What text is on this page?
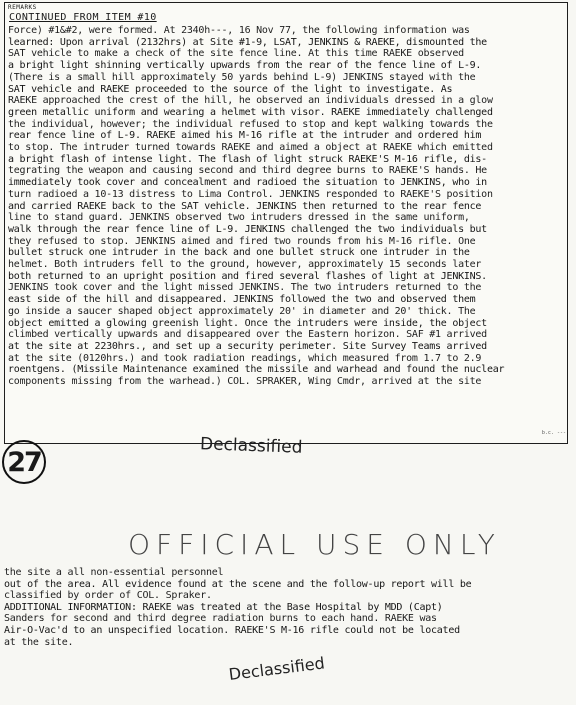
REMARKS
CONTINUED FROM ITEM #10
Force) #1&#2, were formed. At 2340h---, 16 Nov 77, the following information was
learned: Upon arrival (2132hrs) at Site #1-9, LSAT, JENKINS & RAEKE, dismounted the
SAT vehicle to make a check of the site fence line. At this time RAEKE observed
a bright light shinning vertically upwards from the rear of the fence line of L-9.
(There is a small hill approximately 50 yards behind L-9) JENKINS stayed with the
SAT vehicle and RAEKE proceeded to the source of the light to investigate. As
RAEKE approached the crest of the hill, he observed an individuals dressed in a glow
green metallic uniform and wearing a helmet with visor. RAEKE immediately challenged
the individual, however; the individual refused to stop and kept walking towards the
rear fence line of L-9. RAEKE aimed his M-16 rifle at the intruder and ordered him
to stop. The intruder turned towards RAEKE and aimed a object at RAEKE which emitted
a bright flash of intense light. The flash of light struck RAEKE'S M-16 rifle, dis-
tegrating the weapon and causing second and third degree burns to RAEKE'S hands. He
immediately took cover and concealment and radioed the situation to JENKINS, who in
turn radioed a 10-13 distress to Lima Control. JENKINS responded to RAEKE'S position
and carried RAEKE back to the SAT vehicle. JENKINS then returned to the rear fence
line to stand guard. JENKINS observed two intruders dressed in the same uniform,
walk through the rear fence line of L-9. JENKINS challenged the two individuals but
they refused to stop. JENKINS aimed and fired two rounds from his M-16 rifle. One
bullet struck one intruder in the back and one bullet struck one intruder in the
helmet. Both intruders fell to the ground, however, approximately 15 seconds later
both returned to an upright position and fired several flashes of light at JENKINS.
JENKINS took cover and the light missed JENKINS. The two intruders returned to the
east side of the hill and disappeared. JENKINS followed the two and observed them
go inside a saucer shaped object approximately 20' in diameter and 20' thick. The
object emitted a glowing greenish light. Once the intruders were inside, the object
climbed vertically upwards and disappeared over the Eastern horizon. SAF #1 arrived
at the site at 2230hrs., and set up a security perimeter. Site Survey Teams arrived
at the site (0120hrs.) and took radiation readings, which measured from 1.7 to 2.9
roentgens. (Missile Maintenance examined the missile and warhead and found the nuclear
components missing from the warhead.) COL. SPRAKER, Wing Cmdr, arrived at the site
b.c. ---
27
Declassified
OFFICIAL USE ONLY
the site a all non-essential personnel
out of the area. All evidence found at the scene and the follow-up report will be
classified by order of COL. Spraker.
ADDITIONAL INFORMATION: RAEKE was treated at the Base Hospital by MDD (Capt)
Sanders for second and third degree radiation burns to each hand. RAEKE was
Air-O-Vac'd to an unspecified location. RAEKE'S M-16 rifle could not be located
at the site.
Declassified
